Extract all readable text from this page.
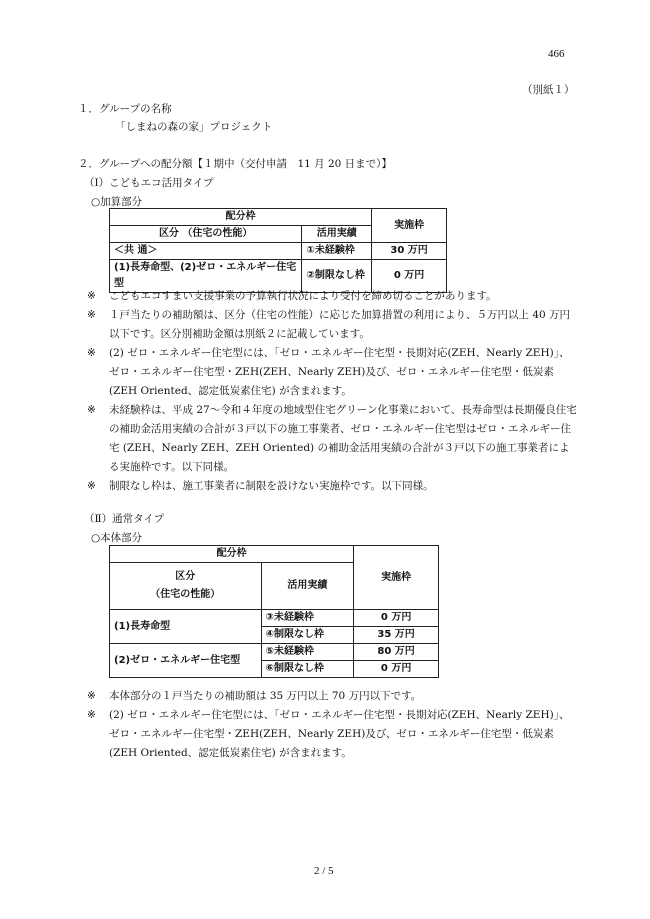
466
（別紙１）
１．グループの名称
「しまねの森の家」プロジェクト
２．グループへの配分額【１期中（交付申請　11 月 20 日まで）】
（Ⅰ）こどもエコ活用タイプ
○加算部分
配分枠		実施枠
区分 （住宅の性能）	活用実績	
＜共 通＞	①未経験枠	30 万円
(1)長寿命型、(2)ゼロ・エネルギー住宅型	②制限なし枠	0 万円
※	こどもエコすまい支援事業の予算執行状況により受付を締め切ることがあります。
※	１戸当たりの補助額は、区分（住宅の性能）に応じた加算措置の利用により、５万円以上 40 万円以下です。区分別補助金額は別紙２に記載しています。
※	(2) ゼロ・エネルギー住宅型には、「ゼロ・エネルギー住宅型・長期対応(ZEH、Nearly ZEH)」、ゼロ・エネルギー住宅型・ZEH(ZEH、Nearly ZEH)及び、ゼロ・エネルギー住宅型・低炭素 (ZEH Oriented、認定低炭素住宅) が含まれます。
※	未経験枠は、平成 27〜令和４年度の地域型住宅グリーン化事業において、長寿命型は長期優良住宅の補助金活用実績の合計が３戸以下の施工事業者、ゼロ・エネルギー住宅型はゼロ・エネルギー住宅 (ZEH、Nearly ZEH、ZEH Oriented) の補助金活用実績の合計が３戸以下の施工事業者による実施枠です。以下同様。
※	制限なし枠は、施工事業者に制限を設けない実施枠です。以下同様。
（Ⅱ）通常タイプ
○本体部分
配分枠		実施枠

区分
（住宅の性能）	活用実績	
(1)長寿命型	③未経験枠	0 万円
	④制限なし枠	35 万円
(2)ゼロ・エネルギー住宅型	⑤未経験枠	80 万円
	⑥制限なし枠	0 万円
※	本体部分の１戸当たりの補助額は 35 万円以上 70 万円以下です。
※	(2) ゼロ・エネルギー住宅型には、「ゼロ・エネルギー住宅型・長期対応(ZEH、Nearly ZEH)」、ゼロ・エネルギー住宅型・ZEH(ZEH、Nearly ZEH)及び、ゼロ・エネルギー住宅型・低炭素 (ZEH Oriented、認定低炭素住宅) が含まれます。
2 / 5
